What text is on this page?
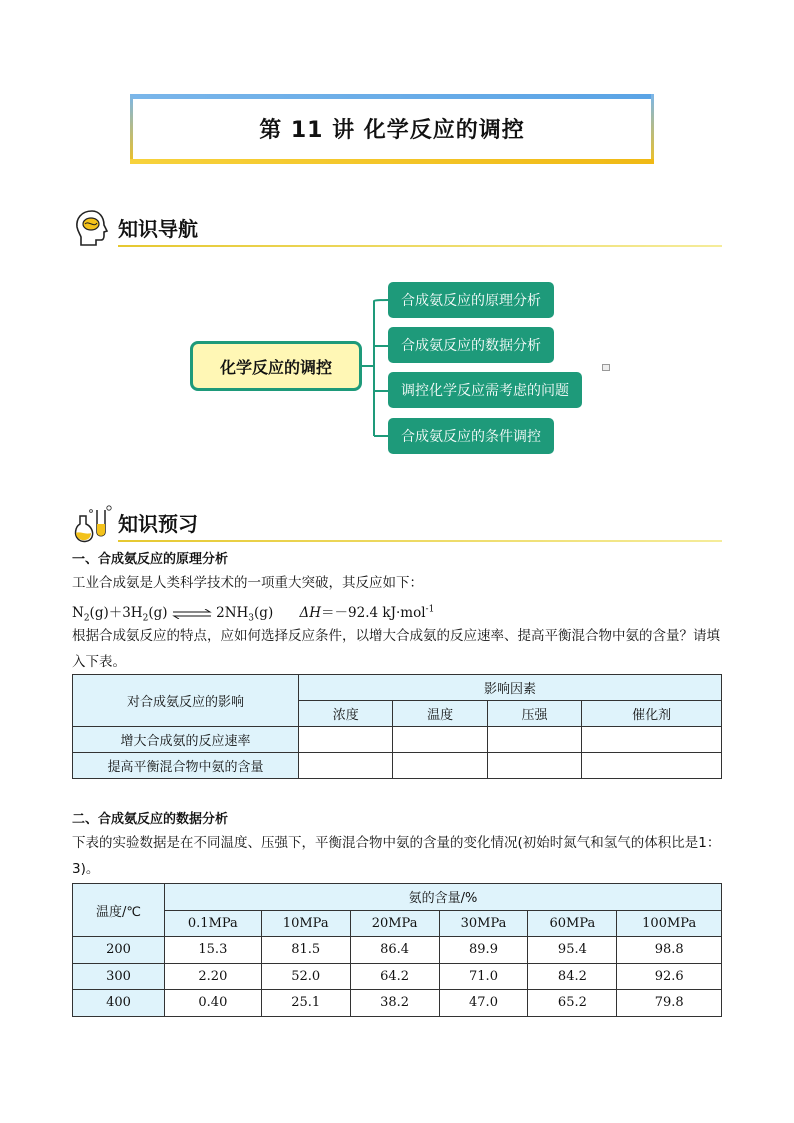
第 11 讲 化学反应的调控
知识导航
化学反应的调控
合成氨反应的原理分析
合成氨反应的数据分析
调控化学反应需考虑的问题
合成氨反应的条件调控
知识预习
一、合成氨反应的原理分析
工业合成氨是人类科学技术的一项重大突破，其反应如下：
$N_2(g)+3H_2(g)$ ⇌ $2NH_3(g)$ ΔH＝－92.4 kJ·mol$^{-1}$
根据合成氨反应的特点，应如何选择反应条件，以增大合成氨的反应速率、提高平衡混合物中氨的含量？请填入下表。
对合成氨反应的影响	影响因素			
	浓度	温度	压强	催化剂
增大合成氨的反应速率				
提高平衡混合物中氨的含量				
二、合成氨反应的数据分析
下表的实验数据是在不同温度、压强下，平衡混合物中氨的含量的变化情况(初始时氮气和氢气的体积比是1：3)。
温度/℃	氨的含量/%					
	0.1MPa	10MPa	20MPa	30MPa	60MPa	100MPa
200	15.3	81.5	86.4	89.9	95.4	98.8
300	2.20	52.0	64.2	71.0	84.2	92.6
400	0.40	25.1	38.2	47.0	65.2	79.8
